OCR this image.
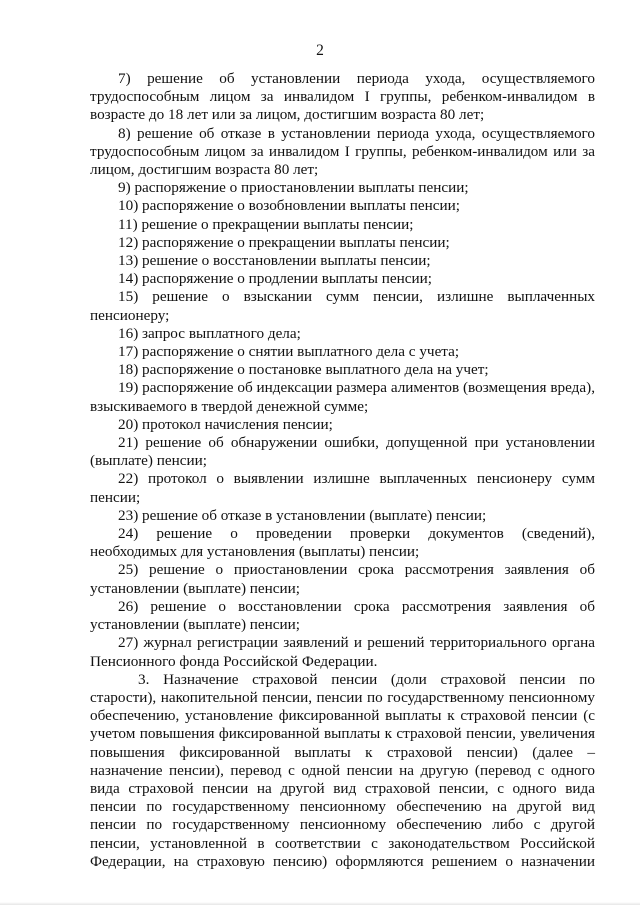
2

7) решение об установлении периода ухода, осуществляемого трудоспособным лицом за инвалидом I группы, ребенком-инвалидом в возрасте до 18 лет или за лицом, достигшим возраста 80 лет;

8) решение об отказе в установлении периода ухода, осуществляемого трудоспособным лицом за инвалидом I группы, ребенком-инвалидом или за лицом, достигшим возраста 80 лет;

9) распоряжение о приостановлении выплаты пенсии;

10) распоряжение о возобновлении выплаты пенсии;

11) решение о прекращении выплаты пенсии;

12) распоряжение о прекращении выплаты пенсии;

13) решение о восстановлении выплаты пенсии;

14) распоряжение о продлении выплаты пенсии;

15) решение о взыскании сумм пенсии, излишне выплаченных пенсионеру;

16) запрос выплатного дела;

17) распоряжение о снятии выплатного дела с учета;

18) распоряжение о постановке выплатного дела на учет;

19) распоряжение об индексации размера алиментов (возмещения вреда), взыскиваемого в твердой денежной сумме;

20) протокол начисления пенсии;

21) решение об обнаружении ошибки, допущенной при установлении (выплате) пенсии;

22) протокол о выявлении излишне выплаченных пенсионеру сумм пенсии;

23) решение об отказе в установлении (выплате) пенсии;

24) решение о проведении проверки документов (сведений), необходимых для установления (выплаты) пенсии;

25) решение о приостановлении срока рассмотрения заявления об установлении (выплате) пенсии;

26) решение о восстановлении срока рассмотрения заявления об установлении (выплате) пенсии;

27) журнал регистрации заявлений и решений территориального органа Пенсионного фонда Российской Федерации.

3. Назначение страховой пенсии (доли страховой пенсии по старости), накопительной пенсии, пенсии по государственному пенсионному обеспечению, установление фиксированной выплаты к страховой пенсии (с учетом повышения фиксированной выплаты к страховой пенсии, увеличения повышения фиксированной выплаты к страховой пенсии) (далее – назначение пенсии), перевод с одной пенсии на другую (перевод с одного вида страховой пенсии на другой вид страховой пенсии, с одного вида пенсии по государственному пенсионному обеспечению на другой вид пенсии по государственному пенсионному обеспечению либо с другой пенсии, установленной в соответствии с законодательством Российской Федерации, на страховую пенсию) оформляются решением о назначении
